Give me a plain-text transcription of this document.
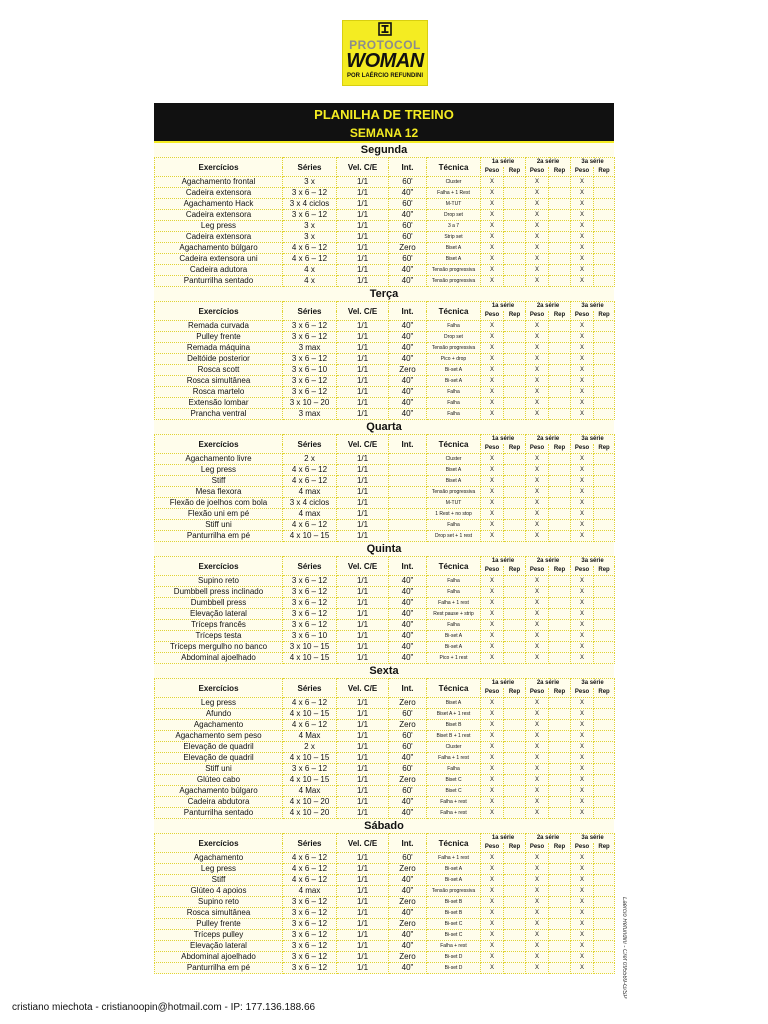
PROTOCOL
WOMAN
POR LAÉRCIO REFUNDINI
PLANILHA DE TREINO
SEMANA 12
Segunda
Exercícios	Séries	Vel. C/E	Int.	Técnica	1a série		2a série		3a série	
					Peso	Rep	Peso	Rep	Peso	Rep
Agachamento frontal	3 x	1/1	60'	Cluster	X		X		X	
Cadeira extensora	3 x 6 – 12	1/1	40"	Falha + 1 Rest	X		X		X	
Agachamento Hack	3 x 4 ciclos	1/1	60'	M-TUT	X		X		X	
Cadeira extensora	3 x 6 – 12	1/1	40"	Drop set	X		X		X	
Leg press	3 x	1/1	60'	3 a 7	X		X		X	
Cadeira extensora	3 x	1/1	60'	Strip set	X		X		X	
Agachamento búlgaro	4 x 6 – 12	1/1	Zero	Biset A	X		X		X	
Cadeira extensora uni	4 x 6 – 12	1/1	60'	Biset A	X		X		X	
Cadeira adutora	4 x	1/1	40"	Tensão progressiva	X		X		X	
Panturrilha sentado	4 x	1/1	40"	Tensão progressiva	X		X		X	
Terça
Exercícios	Séries	Vel. C/E	Int.	Técnica	1a série		2a série		3a série	
					Peso	Rep	Peso	Rep	Peso	Rep
Remada curvada	3 x 6 – 12	1/1	40"	Falha	X		X		X	
Pulley frente	3 x 6 – 12	1/1	40"	Drop set	X		X		X	
Remada máquina	3 max	1/1	40"	Tensão progressiva	X		X		X	
Deltóide posterior	3 x 6 – 12	1/1	40"	Pico + drop	X		X		X	
Rosca scott	3 x 6 – 10	1/1	Zero	Bi-set A	X		X		X	
Rosca simultânea	3 x 6 – 12	1/1	40"	Bi-set A	X		X		X	
Rosca martelo	3 x 6 – 12	1/1	40"	Falha	X		X		X	
Extensão lombar	3 x 10 – 20	1/1	40"	Falha	X		X		X	
Prancha ventral	3 max	1/1	40"	Falha	X		X		X	
Quarta
Exercícios	Séries	Vel. C/E	Int.	Técnica	1a série		2a série		3a série	
					Peso	Rep	Peso	Rep	Peso	Rep
Agachamento livre	2 x	1/1		Cluster	X		X		X	
Leg press	4 x 6 – 12	1/1		Biset A	X		X		X	
Stiff	4 x 6 – 12	1/1		Biset A	X		X		X	
Mesa flexora	4 max	1/1		Tensão progressiva	X		X		X	
Flexão de joelhos com bola	3 x 4 ciclos	1/1		M-TUT	X		X		X	
Flexão uni em pé	4 max	1/1		1 Rest + no stop	X		X		X	
Stiff uni	4 x 6 – 12	1/1		Falha	X		X		X	
Panturrilha em pé	4 x 10 – 15	1/1		Drop set + 1 rest	X		X		X	
Quinta
Exercícios	Séries	Vel. C/E	Int.	Técnica	1a série		2a série		3a série	
					Peso	Rep	Peso	Rep	Peso	Rep
Supino reto	3 x 6 – 12	1/1	40"	Falha	X		X		X	
Dumbbell press inclinado	3 x 6 – 12	1/1	40"	Falha	X		X		X	
Dumbbell press	3 x 6 – 12	1/1	40"	Falha + 1 rest	X		X		X	
Elevação lateral	3 x 6 – 12	1/1	40"	Rest pause + strip	X		X		X	
Tríceps francês	3 x 6 – 12	1/1	40"	Falha	X		X		X	
Tríceps testa	3 x 6 – 10	1/1	40"	Bi-set A	X		X		X	
Tríceps mergulho no banco	3 x 10 – 15	1/1	40"	Bi-set A	X		X		X	
Abdominal ajoelhado	4 x 10 – 15	1/1	40"	Pico + 1 rest	X		X		X	
Sexta
Exercícios	Séries	Vel. C/E	Int.	Técnica	1a série		2a série		3a série	
					Peso	Rep	Peso	Rep	Peso	Rep
Leg press	4 x 6 – 12	1/1	Zero	Biset A	X		X		X	
Afundo	4 x 10 – 15	1/1	60'	Biset A + 1 rest	X		X		X	
Agachamento	4 x 6 – 12	1/1	Zero	Biset B	X		X		X	
Agachamento sem peso	4 Max	1/1	60'	Biset B + 1 rest	X		X		X	
Elevação de quadril	2 x	1/1	60'	Cluster	X		X		X	
Elevação de quadril	4 x 10 – 15	1/1	40"	Falha + 1 rest	X		X		X	
Stiff uni	3 x 6 – 12	1/1	60'	Falha	X		X		X	
Glúteo cabo	4 x 10 – 15	1/1	Zero	Biset C	X		X		X	
Agachamento búlgaro	4 Max	1/1	60'	Biset C	X		X		X	
Cadeira abdutora	4 x 10 – 20	1/1	40"	Falha + rest	X		X		X	
Panturrilha sentado	4 x 10 – 20	1/1	40"	Falha + rest	X		X		X	
Sábado
Exercícios	Séries	Vel. C/E	Int.	Técnica	1a série		2a série		3a série	
					Peso	Rep	Peso	Rep	Peso	Rep
Agachamento	4 x 6 – 12	1/1	60'	Falha + 1 rest	X		X		X	
Leg press	4 x 6 – 12	1/1	Zero	Bi-set A	X		X		X	
Stiff	4 x 6 – 12	1/1	40"	Bi-set A	X		X		X	
Glúteo 4 apoios	4 max	1/1	40"	Tensão progressiva	X		X		X	
Supino reto	3 x 6 – 12	1/1	Zero	Bi-set B	X		X		X	
Rosca simultânea	3 x 6 – 12	1/1	40"	Bi-set B	X		X		X	
Pulley frente	3 x 6 – 12	1/1	Zero	Bi-set C	X		X		X	
Tríceps pulley	3 x 6 – 12	1/1	40"	Bi-set C	X		X		X	
Elevação lateral	3 x 6 – 12	1/1	40"	Falha + rest	X		X		X	
Abdominal ajoelhado	3 x 6 – 12	1/1	Zero	Bi-set D	X		X		X	
Panturrilha em pé	3 x 6 – 12	1/1	40"	Bi-set D	X		X		X		Laércio Refundini - Cref 095569-G/SP
cristiano miechota - cristianoopin@hotmail.com - IP: 177.136.188.66
